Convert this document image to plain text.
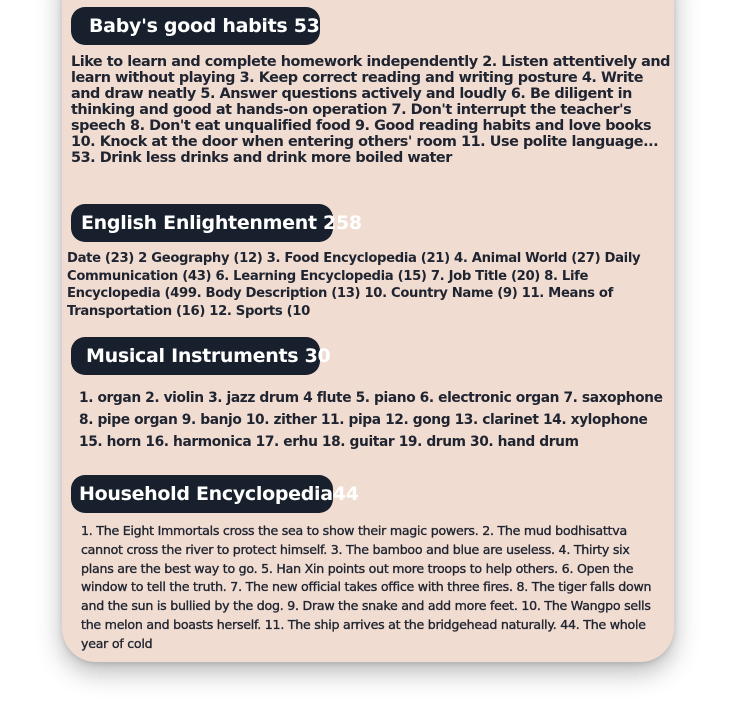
Baby's good habits 53
Like to learn and complete homework independently 2. Listen attentively and learn without playing 3. Keep correct reading and writing posture 4. Write and draw neatly 5. Answer questions actively and loudly 6. Be diligent in thinking and good at hands-on operation 7. Don't interrupt the teacher's speech 8. Don't eat unqualified food 9. Good reading habits and love books 10. Knock at the door when entering others' room 11. Use polite language... 53. Drink less drinks and drink more boiled water
English Enlightenment 258
Date (23) 2 Geography (12) 3. Food Encyclopedia (21) 4. Animal World (27) Daily Communication (43) 6. Learning Encyclopedia (15) 7. Job Title (20) 8. Life Encyclopedia (499. Body Description (13) 10. Country Name (9) 11. Means of Transportation (16) 12. Sports (10
Musical Instruments 30
1. organ 2. violin 3. jazz drum 4 flute 5. piano 6. electronic organ 7. saxophone 8. pipe organ 9. banjo 10. zither 11. pipa 12. gong 13. clarinet 14. xylophone 15. horn 16. harmonica 17. erhu 18. guitar 19. drum 30. hand drum
Household Encyclopedia44
1. The Eight Immortals cross the sea to show their magic powers. 2. The mud bodhisattva cannot cross the river to protect himself. 3. The bamboo and blue are useless. 4. Thirty six plans are the best way to go. 5. Han Xin points out more troops to help others. 6. Open the window to tell the truth. 7. The new official takes office with three fires. 8. The tiger falls down and the sun is bullied by the dog. 9. Draw the snake and add more feet. 10. The Wangpo sells the melon and boasts herself. 11. The ship arrives at the bridgehead naturally. 44. The whole year of cold
